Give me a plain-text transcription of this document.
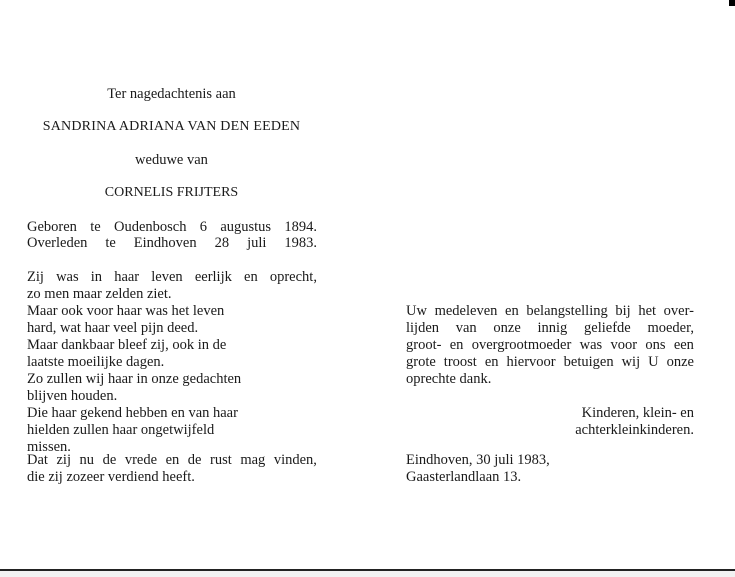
Ter nagedachtenis aan
SANDRINA ADRIANA VAN DEN EEDEN
weduwe van
CORNELIS FRIJTERS
Geboren te Oudenbosch 6 augustus 1894.
Overleden te Eindhoven 28 juli 1983.
Zij was in haar leven eerlijk en oprecht,
zo men maar zelden ziet.
Maar ook voor haar was het leven
hard, wat haar veel pijn deed.
Maar dankbaar bleef zij, ook in de
laatste moeilijke dagen.
Zo zullen wij haar in onze gedachten
blijven houden.
Die haar gekend hebben en van haar
hielden zullen haar ongetwijfeld
missen.
Dat zij nu de vrede en de rust mag vinden,
die zij zozeer verdiend heeft.
Uw medeleven en belangstelling bij het over-
lijden van onze innig geliefde moeder,
groot- en overgrootmoeder was voor ons een
grote troost en hiervoor betuigen wij U onze
oprechte dank.
Kinderen, klein- en
achterkleinkinderen.
Eindhoven, 30 juli 1983,
Gaasterlandlaan 13.
